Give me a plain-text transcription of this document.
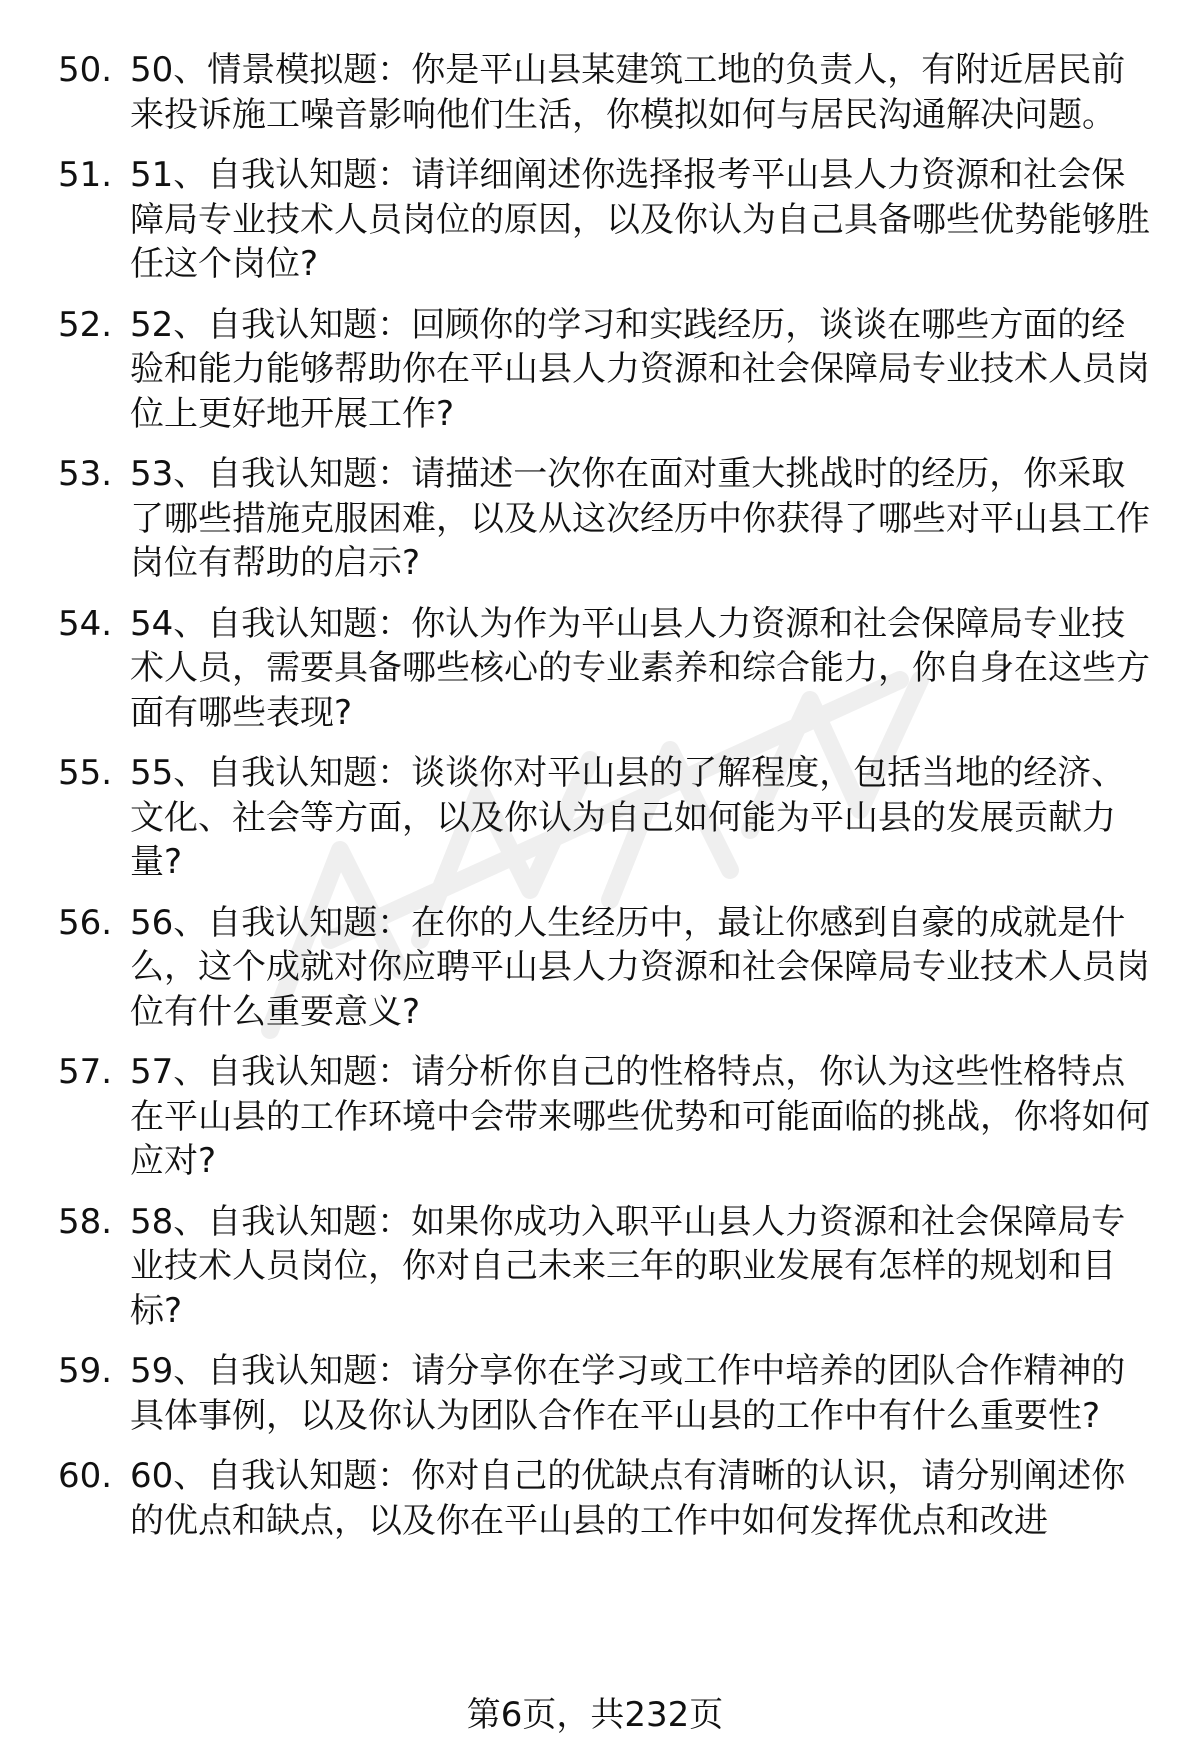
50. 50、情景模拟题：你是平山县某建筑工地的负责人，有附近居民前来投诉施工噪音影响他们生活，你模拟如何与居民沟通解决问题。
51. 51、自我认知题：请详细阐述你选择报考平山县人力资源和社会保障局专业技术人员岗位的原因，以及你认为自己具备哪些优势能够胜任这个岗位?
52. 52、自我认知题：回顾你的学习和实践经历，谈谈在哪些方面的经验和能力能够帮助你在平山县人力资源和社会保障局专业技术人员岗位上更好地开展工作?
53. 53、自我认知题：请描述一次你在面对重大挑战时的经历，你采取了哪些措施克服困难，以及从这次经历中你获得了哪些对平山县工作岗位有帮助的启示?
54. 54、自我认知题：你认为作为平山县人力资源和社会保障局专业技术人员，需要具备哪些核心的专业素养和综合能力，你自身在这些方面有哪些表现?
55. 55、自我认知题：谈谈你对平山县的了解程度，包括当地的经济、文化、社会等方面，以及你认为自己如何能为平山县的发展贡献力量?
56. 56、自我认知题：在你的人生经历中，最让你感到自豪的成就是什么，这个成就对你应聘平山县人力资源和社会保障局专业技术人员岗位有什么重要意义?
57. 57、自我认知题：请分析你自己的性格特点，你认为这些性格特点在平山县的工作环境中会带来哪些优势和可能面临的挑战，你将如何应对?
58. 58、自我认知题：如果你成功入职平山县人力资源和社会保障局专业技术人员岗位，你对自己未来三年的职业发展有怎样的规划和目标?
59. 59、自我认知题：请分享你在学习或工作中培养的团队合作精神的具体事例，以及你认为团队合作在平山县的工作中有什么重要性?
60. 60、自我认知题：你对自己的优缺点有清晰的认识，请分别阐述你的优点和缺点，以及你在平山县的工作中如何发挥优点和改进
第6页，共232页
